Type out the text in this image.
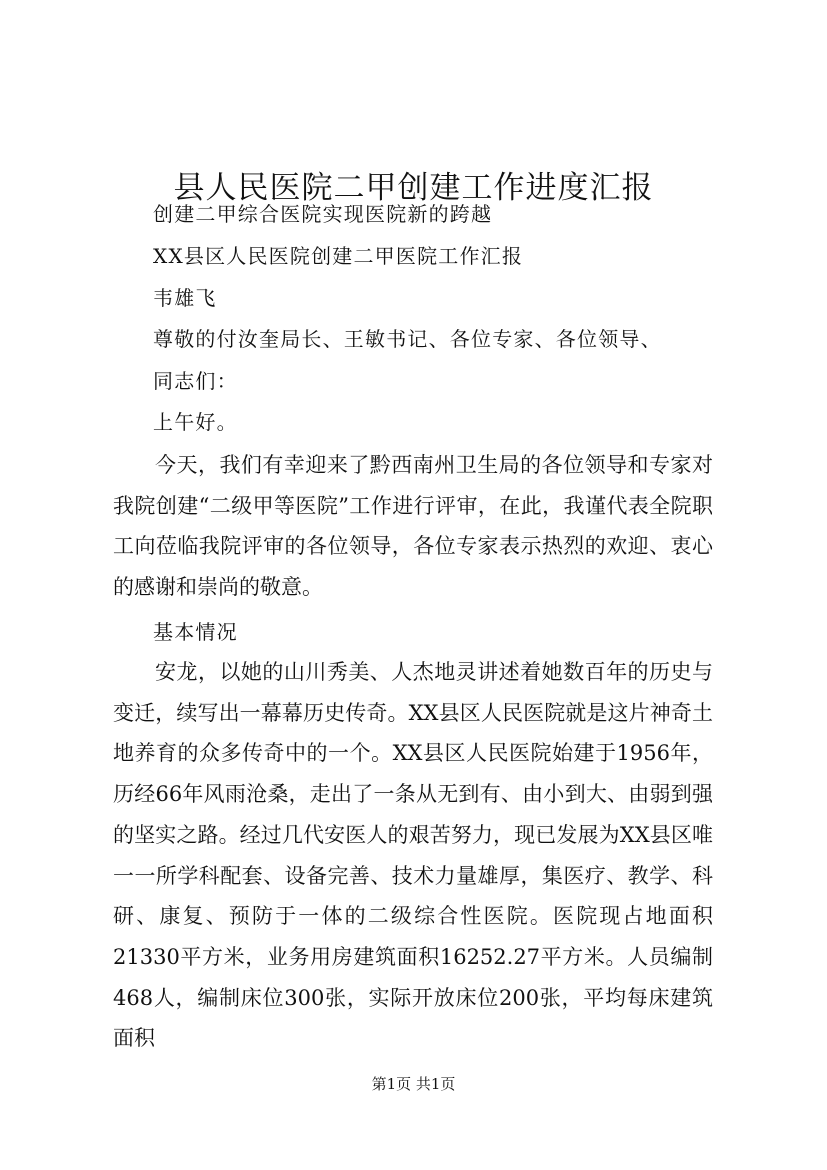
县人民医院二甲创建工作进度汇报
创建二甲综合医院实现医院新的跨越
XX县区人民医院创建二甲医院工作汇报
韦雄飞
尊敬的付汝奎局长、王敏书记、各位专家、各位领导、
同志们：
上午好。

今天，我们有幸迎来了黔西南州卫生局的各位领导和专家对我院创建“二级甲等医院”工作进行评审，在此，我谨代表全院职工向莅临我院评审的各位领导，各位专家表示热烈的欢迎、衷心的感谢和崇尚的敬意。

基本情况

安龙，以她的山川秀美、人杰地灵讲述着她数百年的历史与变迁，续写出一幕幕历史传奇。XX县区人民医院就是这片神奇土地养育的众多传奇中的一个。XX县区人民医院始建于1956年，历经66年风雨沧桑，走出了一条从无到有、由小到大、由弱到强的坚实之路。经过几代安医人的艰苦努力，现已发展为XX县区唯一一所学科配套、设备完善、技术力量雄厚，集医疗、教学、科研、康复、预防于一体的二级综合性医院。医院现占地面积21330平方米，业务用房建筑面积16252.27平方米。人员编制468人，编制床位300张，实际开放床位200张，平均每床建筑面积

第1页 共1页
